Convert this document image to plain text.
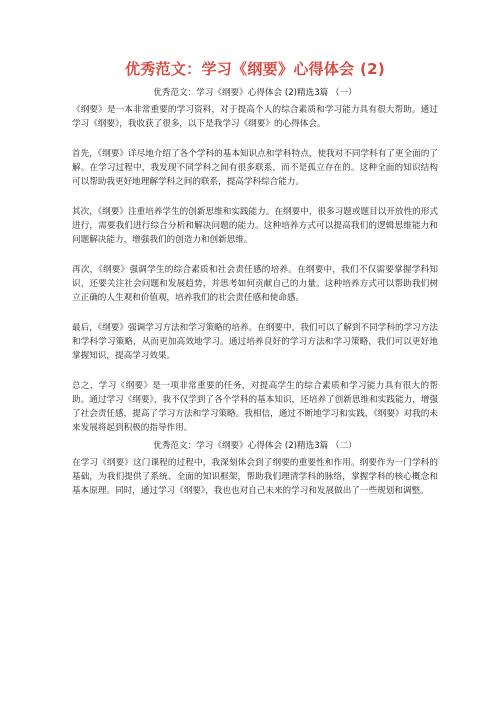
优秀范文：学习《纲要》心得体会 (2)
优秀范文：学习《纲要》心得体会 (2)精选3篇 （一）

《纲要》是一本非常重要的学习资料，对于提高个人的综合素质和学习能力具有很大帮助。通过学习《纲要》，我收获了很多，以下是我学习《纲要》的心得体会。

首先，《纲要》详尽地介绍了各个学科的基本知识点和学科特点，使我对不同学科有了更全面的了解。在学习过程中，我发现不同学科之间有很多联系，而不是孤立存在的。这种全面的知识结构可以帮助我更好地理解学科之间的联系，提高学科综合能力。

其次，《纲要》注重培养学生的创新思维和实践能力。在纲要中，很多习题或题目以开放性的形式进行，需要我们进行综合分析和解决问题的能力。这种培养方式可以提高我们的逻辑思维能力和问题解决能力，增强我们的创造力和创新思维。

再次，《纲要》强调学生的综合素质和社会责任感的培养。在纲要中，我们不仅需要掌握学科知识，还要关注社会问题和发展趋势，并思考如何贡献自己的力量。这种培养方式可以帮助我们树立正确的人生观和价值观，培养我们的社会责任感和使命感。

最后，《纲要》强调学习方法和学习策略的培养。在纲要中，我们可以了解到不同学科的学习方法和学科学习策略，从而更加高效地学习。通过培养良好的学习方法和学习策略，我们可以更好地掌握知识，提高学习效果。

总之，学习《纲要》是一项非常重要的任务，对提高学生的综合素质和学习能力具有很大的帮助。通过学习《纲要》，我不仅学到了各个学科的基本知识，还培养了创新思维和实践能力，增强了社会责任感，提高了学习方法和学习策略。我相信，通过不断地学习和实践，《纲要》对我的未来发展将起到积极的指导作用。

优秀范文：学习《纲要》心得体会 (2)精选3篇 （二）

在学习《纲要》这门课程的过程中，我深刻体会到了纲要的重要性和作用。纲要作为一门学科的基础，为我们提供了系统、全面的知识框架，帮助我们理清学科的脉络，掌握学科的核心概念和基本原理。同时，通过学习《纲要》，我也也对自己未来的学习和发展做出了一些规划和调整。
